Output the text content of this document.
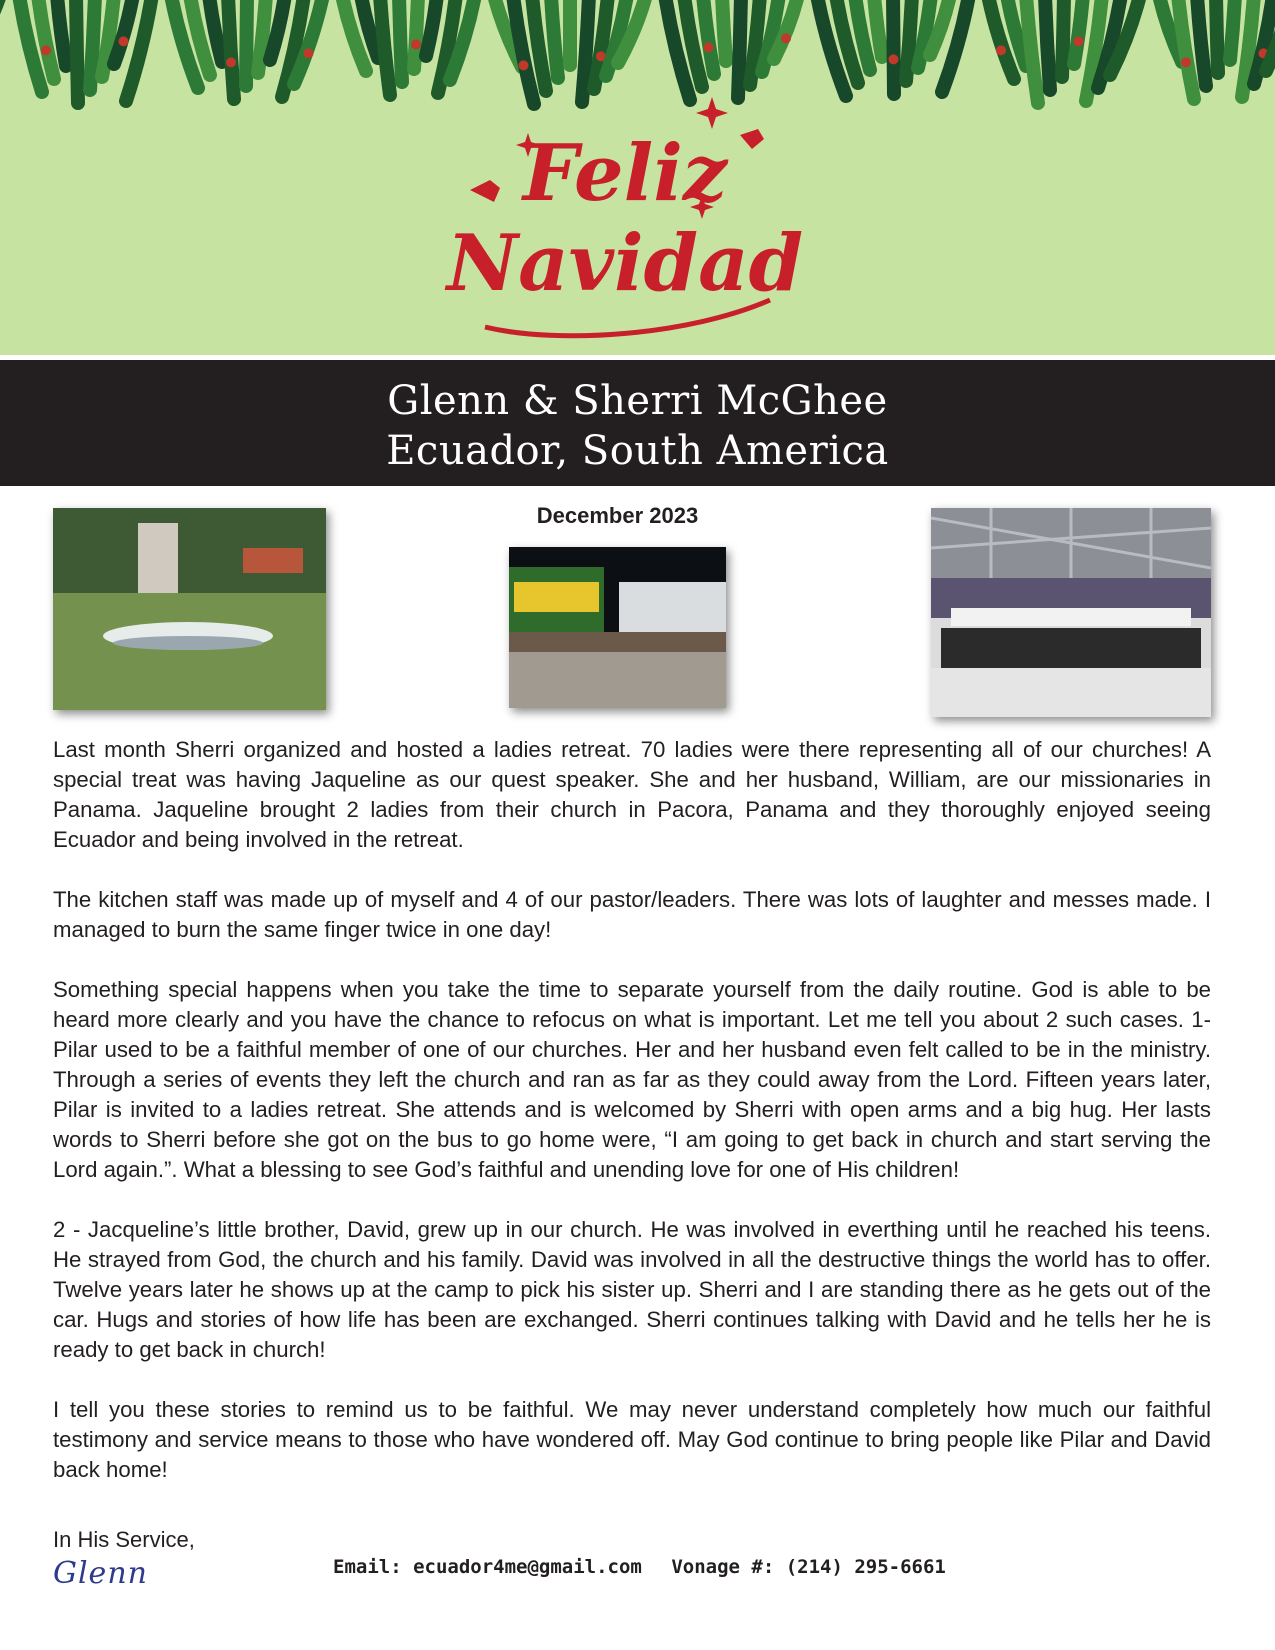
Feliz
Navidad
Glenn & Sherri McGhee
Ecuador, South America
December 2023

Last month Sherri organized and hosted a ladies retreat. 70 ladies were there representing all of our churches! A special treat was having Jaqueline as our quest speaker. She and her husband, William, are our missionaries in Panama. Jaqueline brought 2 ladies from their church in Pacora, Panama and they thoroughly enjoyed seeing Ecuador and being involved in the retreat.

The kitchen staff was made up of myself and 4 of our pastor/leaders. There was lots of laughter and messes made. I managed to burn the same finger twice in one day!

Something special happens when you take the time to separate yourself from the daily routine. God is able to be heard more clearly and you have the chance to refocus on what is important. Let me tell you about 2 such cases. 1- Pilar used to be a faithful member of one of our churches. Her and her husband even felt called to be in the ministry. Through a series of events they left the church and ran as far as they could away from the Lord. Fifteen years later, Pilar is invited to a ladies retreat. She attends and is welcomed by Sherri with open arms and a big hug. Her lasts words to Sherri before she got on the bus to go home were, “I am going to get back in church and start serving the Lord again.”. What a blessing to see God’s faithful and unending love for one of His children!

2 - Jacqueline’s little brother, David, grew up in our church. He was involved in everthing until he reached his teens. He strayed from God, the church and his family. David was involved in all the destructive things the world has to offer. Twelve years later he shows up at the camp to pick his sister up. Sherri and I are standing there as he gets out of the car. Hugs and stories of how life has been are exchanged. Sherri continues talking with David and he tells her he is ready to get back in church!

I tell you these stories to remind us to be faithful. We may never understand completely how much our faithful testimony and service means to those who have wondered off. May God continue to bring people like Pilar and David back home!

In His Service,
Glenn	Email: ecuador4me@gmail.com Vonage #: (214) 295-6661
